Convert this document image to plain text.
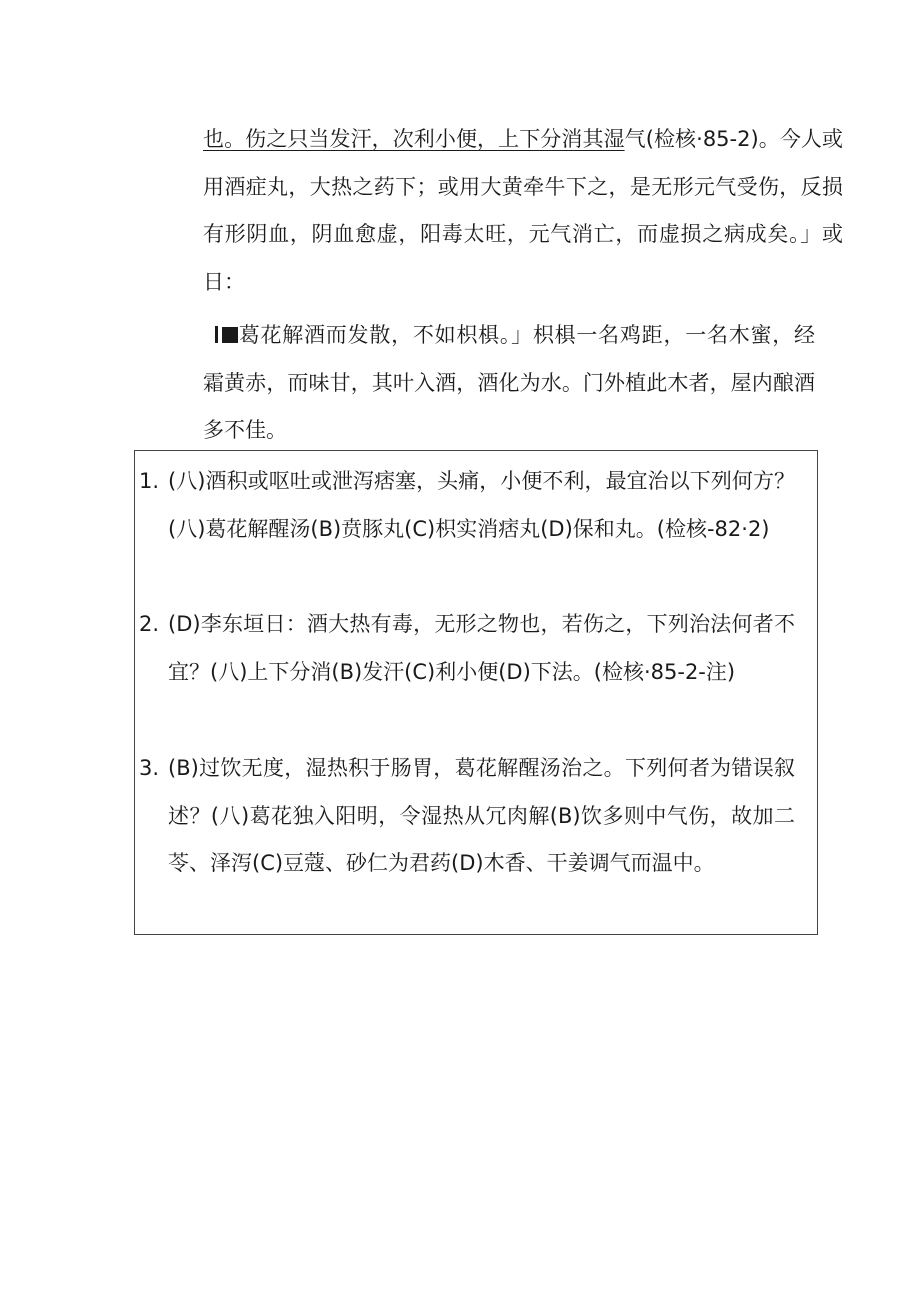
也。伤之只当发汗，次利小便，上下分消其湿气(检核·85-2)。今人或用酒症丸，大热之药下；或用大黄牵牛下之，是无形元气受伤，反损有形阴血，阴血愈虚，阳毒太旺，元气消亡，而虚损之病成矣。」或日：

葛花解酒而发散，不如枳椇。」枳椇一名鸡距，一名木蜜，经霜黄赤，而味甘，其叶入酒，酒化为水。门外植此木者，屋内酿酒多不佳。

1. (八)酒积或呕吐或泄泻痞塞，头痛，小便不利，最宜治以下列何方？(八)葛花解醒汤(B)贲豚丸(C)枳实消痞丸(D)保和丸。(检核-82·2)
2. (D)李东垣日：酒大热有毒，无形之物也，若伤之，下列治法何者不宜？(八)上下分消(B)发汗(C)利小便(D)下法。(检核·85-2-注)
3. (B)过饮无度，湿热积于肠胃，葛花解醒汤治之。下列何者为错误叙述？(八)葛花独入阳明，令湿热从冗肉解(B)饮多则中气伤，故加二苓、泽泻(C)豆蔻、砂仁为君药(D)木香、干姜调气而温中。
